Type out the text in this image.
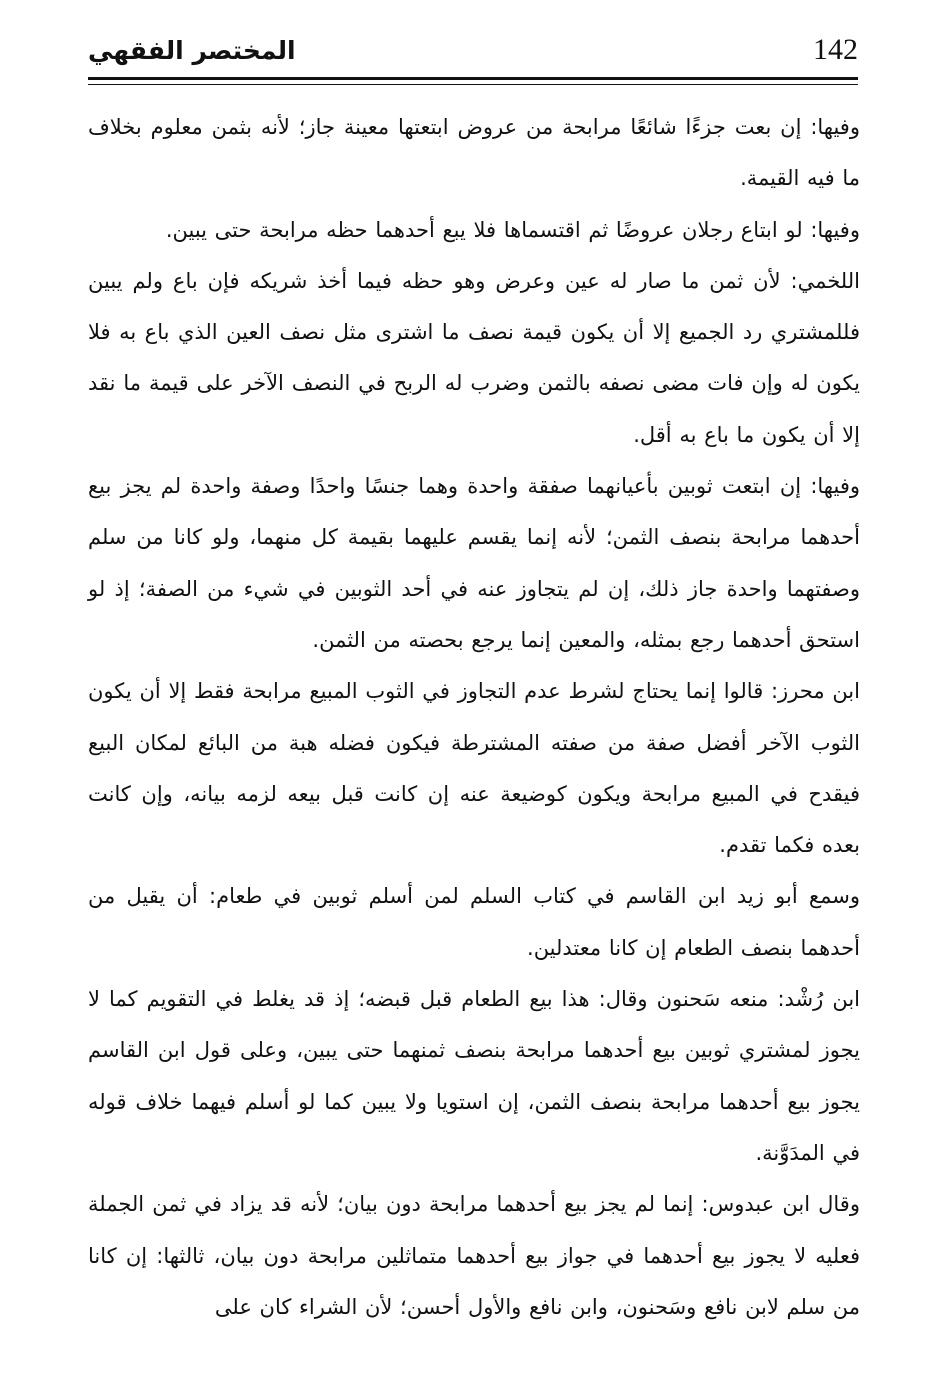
المختصر الفقهي	142

وفيها: إن بعت جزءًا شائعًا مرابحة من عروض ابتعتها معينة جاز؛ لأنه بثمن معلوم بخلاف ما فيه القيمة.

وفيها: لو ابتاع رجلان عروضًا ثم اقتسماها فلا يبع أحدهما حظه مرابحة حتى يبين.

اللخمي: لأن ثمن ما صار له عين وعرض وهو حظه فيما أخذ شريكه فإن باع ولم يبين فللمشتري رد الجميع إلا أن يكون قيمة نصف ما اشترى مثل نصف العين الذي باع به فلا يكون له وإن فات مضى نصفه بالثمن وضرب له الربح في النصف الآخر على قيمة ما نقد إلا أن يكون ما باع به أقل.

وفيها: إن ابتعت ثوبين بأعيانهما صفقة واحدة وهما جنسًا واحدًا وصفة واحدة لم يجز بيع أحدهما مرابحة بنصف الثمن؛ لأنه إنما يقسم عليهما بقيمة كل منهما، ولو كانا من سلم وصفتهما واحدة جاز ذلك، إن لم يتجاوز عنه في أحد الثوبين في شيء من الصفة؛ إذ لو استحق أحدهما رجع بمثله، والمعين إنما يرجع بحصته من الثمن.

ابن محرز: قالوا إنما يحتاج لشرط عدم التجاوز في الثوب المبيع مرابحة فقط إلا أن يكون الثوب الآخر أفضل صفة من صفته المشترطة فيكون فضله هبة من البائع لمكان البيع فيقدح في المبيع مرابحة ويكون كوضيعة عنه إن كانت قبل بيعه لزمه بيانه، وإن كانت بعده فكما تقدم.

وسمع أبو زيد ابن القاسم في كتاب السلم لمن أسلم ثوبين في طعام: أن يقيل من أحدهما بنصف الطعام إن كانا معتدلين.

ابن رُشْد: منعه سَحنون وقال: هذا بيع الطعام قبل قبضه؛ إذ قد يغلط في التقويم كما لا يجوز لمشتري ثوبين بيع أحدهما مرابحة بنصف ثمنهما حتى يبين، وعلى قول ابن القاسم يجوز بيع أحدهما مرابحة بنصف الثمن، إن استويا ولا يبين كما لو أسلم فيهما خلاف قوله في المدَوَّنة.

وقال ابن عبدوس: إنما لم يجز بيع أحدهما مرابحة دون بيان؛ لأنه قد يزاد في ثمن الجملة فعليه لا يجوز بيع أحدهما في جواز بيع أحدهما متماثلين مرابحة دون بيان، ثالثها: إن كانا من سلم لابن نافع وسَحنون، وابن نافع والأول أحسن؛ لأن الشراء كان على
